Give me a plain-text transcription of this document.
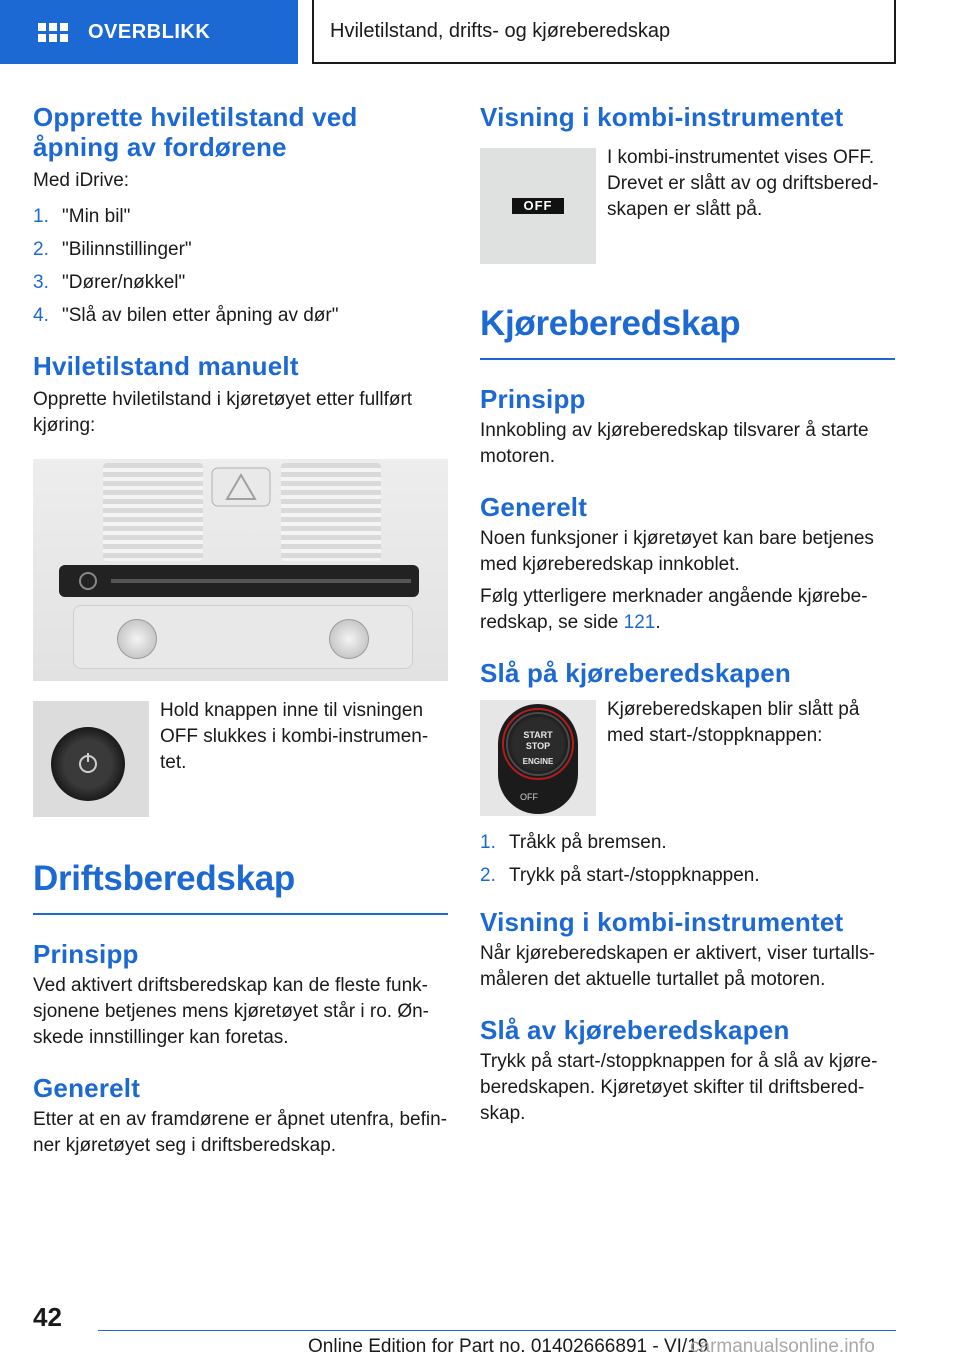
OVERBLIKK	Hviletilstand, drifts- og kjøreberedskap
Opprette hviletilstand ved åpning av fordørene

Med iDrive:

1. "Min bil"
2. "Bilinnstillinger"
3. "Dører/nøkkel"
4. "Slå av bilen etter åpning av dør"
Hviletilstand manuelt

Opprette hviletilstand i kjøretøyet etter fullført kjøring:

Hold knappen inne til visningen OFF slukkes i kombi-instrumen-tet.
Driftsberedskap
Prinsipp

Ved aktivert driftsberedskap kan de fleste funk-sjonene betjenes mens kjøretøyet står i ro. Øn-skede innstillinger kan foretas.

Generelt

Etter at en av framdørene er åpnet utenfra, befin-ner kjøretøyet seg i driftsberedskap.

Visning i kombi-instrumentet
OFF
I kombi-instrumentet vises OFF. Drevet er slått av og driftsbered-skapen er slått på.
Kjøreberedskap
Prinsipp

Innkobling av kjøreberedskap tilsvarer å starte motoren.

Generelt

Noen funksjoner i kjøretøyet kan bare betjenes med kjøreberedskap innkoblet.

Følg ytterligere merknader angående kjørebe-redskap, se side 121.

Slå på kjøreberedskapen
START
STOP
ENGINE
OFF
Kjøreberedskapen blir slått på med start-/stoppknappen:
1. Tråkk på bremsen.
2. Trykk på start-/stoppknappen.
Visning i kombi-instrumentet

Når kjøreberedskapen er aktivert, viser turtalls-måleren det aktuelle turtallet på motoren.

Slå av kjøreberedskapen

Trykk på start-/stoppknappen for å slå av kjøre-beredskapen. Kjøretøyet skifter til driftsbered-skap.

42
Online Edition for Part no. 01402666891 - VI/19
carmanualsonline.info
